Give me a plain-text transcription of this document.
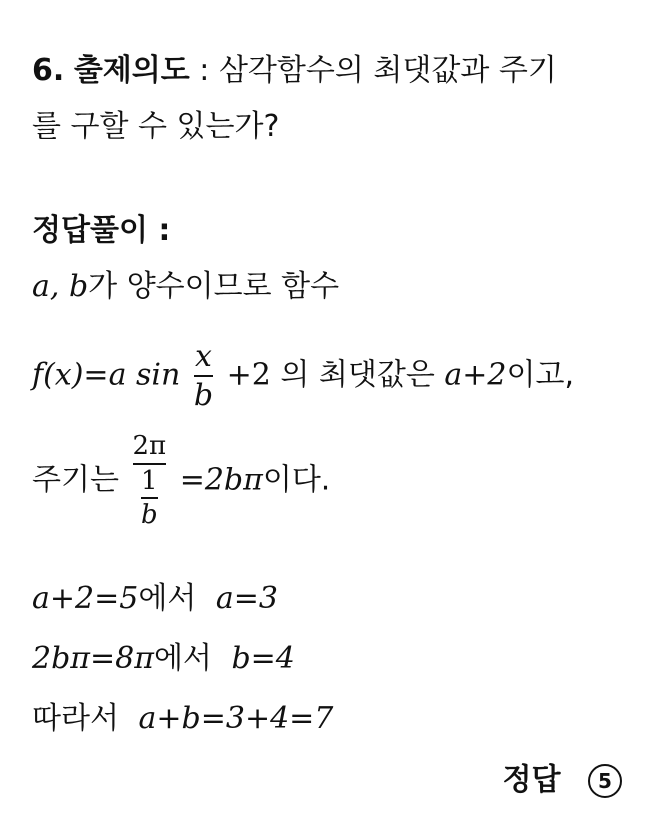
6. 출제의도 : 삼각함수의 최댓값과 주기
를 구할 수 있는가?
정답풀이 :
a, b가 양수이므로 함수
f(x)=a $\sin \frac{x}{b} +2$ 의 최댓값은 a+2이고,
주기는 $\frac{2\pi}{\frac{1}{b}} =2b\pi$이다.
a+2=5에서 a=3
2bπ=8π에서 b=4
따라서 a+b=3+4=7
정답 5
